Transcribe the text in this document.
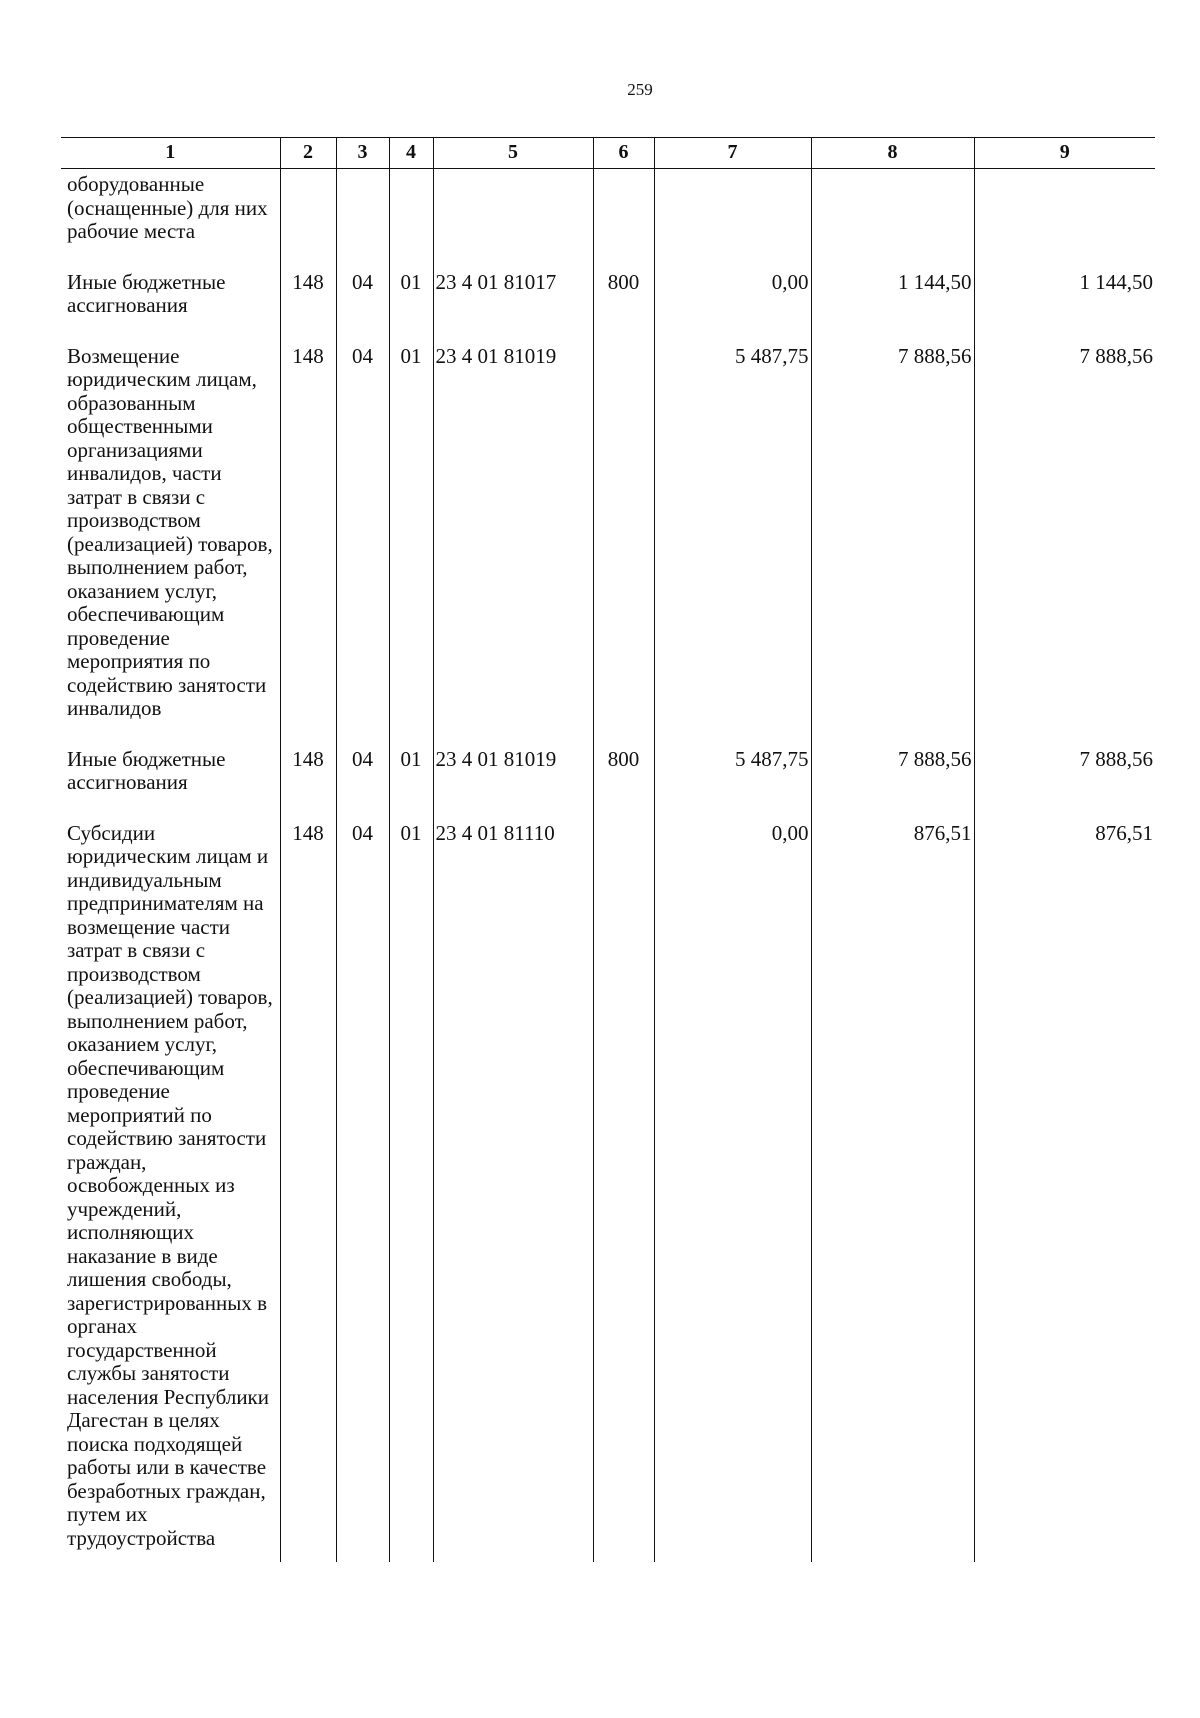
259
1	2	3	4	5	6	7	8	9
оборудованные (оснащенные) для них рабочие места								
Иные бюджетные ассигнования	148	04	01	23 4 01 81017	800	0,00	1 144,50	1 144,50
Возмещение юридическим лицам, образованным общественными организациями инвалидов, части затрат в связи с производством (реализацией) товаров, выполнением работ, оказанием услуг, обеспечивающим проведение мероприятия по содействию занятости инвалидов	148	04	01	23 4 01 81019		5 487,75	7 888,56	7 888,56
Иные бюджетные ассигнования	148	04	01	23 4 01 81019	800	5 487,75	7 888,56	7 888,56
Субсидии юридическим лицам и индивидуальным предпринимателям на возмещение части затрат в связи с производством (реализацией) товаров, выполнением работ, оказанием услуг, обеспечивающим проведение мероприятий по содействию занятости граждан, освобожденных из учреждений, исполняющих наказание в виде лишения свободы, зарегистрированных в органах государственной службы занятости населения Республики Дагестан в целях поиска подходящей работы или в качестве безработных граждан, путем их трудоустройства	148	04	01	23 4 01 81110		0,00	876,51	876,51
